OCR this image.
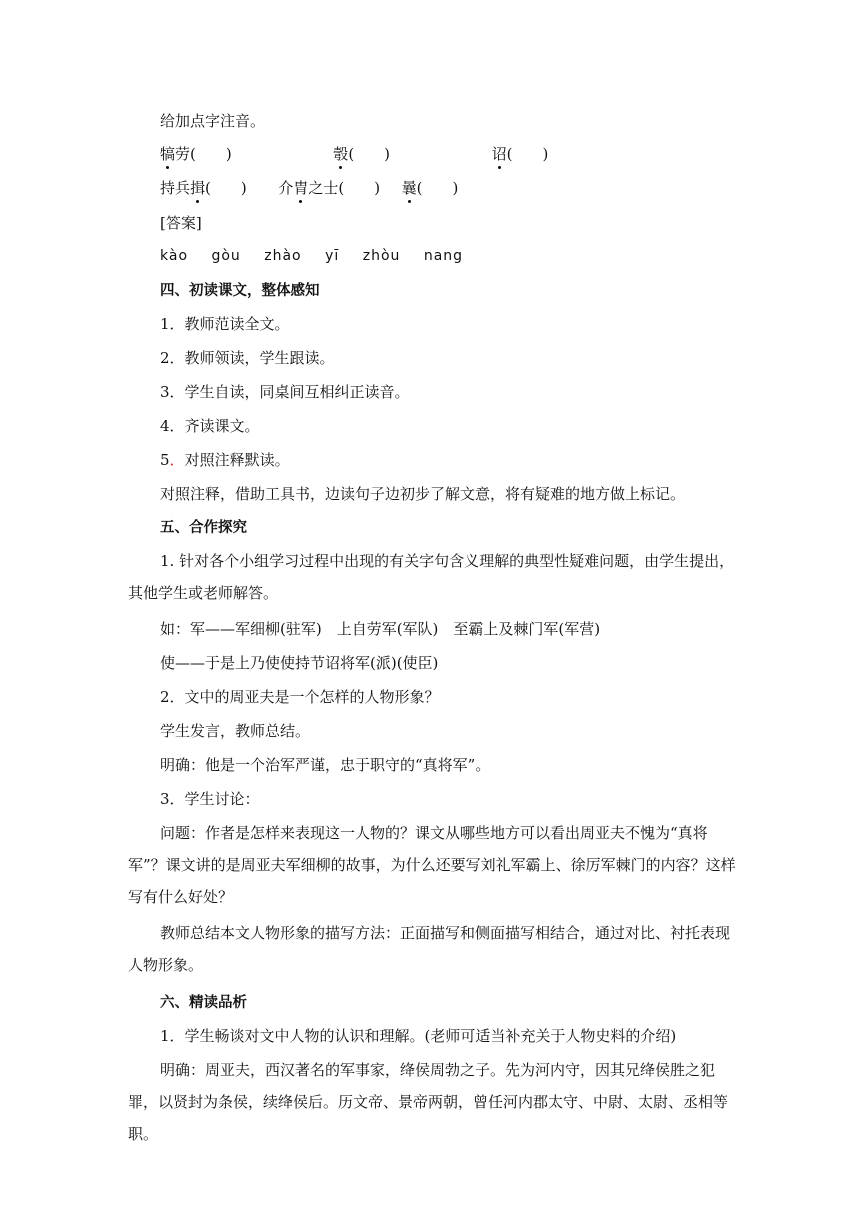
给加点字注音。
犒劳(　　)	彀(　　)	诏(　　)
持兵揖(　　) 介胄之士(　　) 曩(　　)
[答案]
kào gòu zhào yī zhòu nang
四、初读课文，整体感知
1．教师范读全文。
2．教师领读，学生跟读。
3．学生自读，同桌间互相纠正读音。
4．齐读课文。
5．对照注释默读。
对照注释，借助工具书，边读句子边初步了解文意，将有疑难的地方做上标记。
五、合作探究
1. 针对各个小组学习过程中出现的有关字句含义理解的典型性疑难问题，由学生提出，其他学生或老师解答。
如：军——军细柳(驻军)　上自劳军(军队)　至霸上及棘门军(军营)
使——于是上乃使使持节诏将军(派)(使臣)
2．文中的周亚夫是一个怎样的人物形象？
学生发言，教师总结。
明确：他是一个治军严谨，忠于职守的“真将军”。
3．学生讨论：
问题：作者是怎样来表现这一人物的？课文从哪些地方可以看出周亚夫不愧为“真将军”？课文讲的是周亚夫军细柳的故事，为什么还要写刘礼军霸上、徐厉军棘门的内容？这样写有什么好处？
教师总结本文人物形象的描写方法：正面描写和侧面描写相结合，通过对比、衬托表现人物形象。
六、精读品析
1．学生畅谈对文中人物的认识和理解。(老师可适当补充关于人物史料的介绍)
明确：周亚夫，西汉著名的军事家，绛侯周勃之子。先为河内守，因其兄绛侯胜之犯罪，以贤封为条侯，续绛侯后。历文帝、景帝两朝，曾任河内郡太守、中尉、太尉、丞相等职。
